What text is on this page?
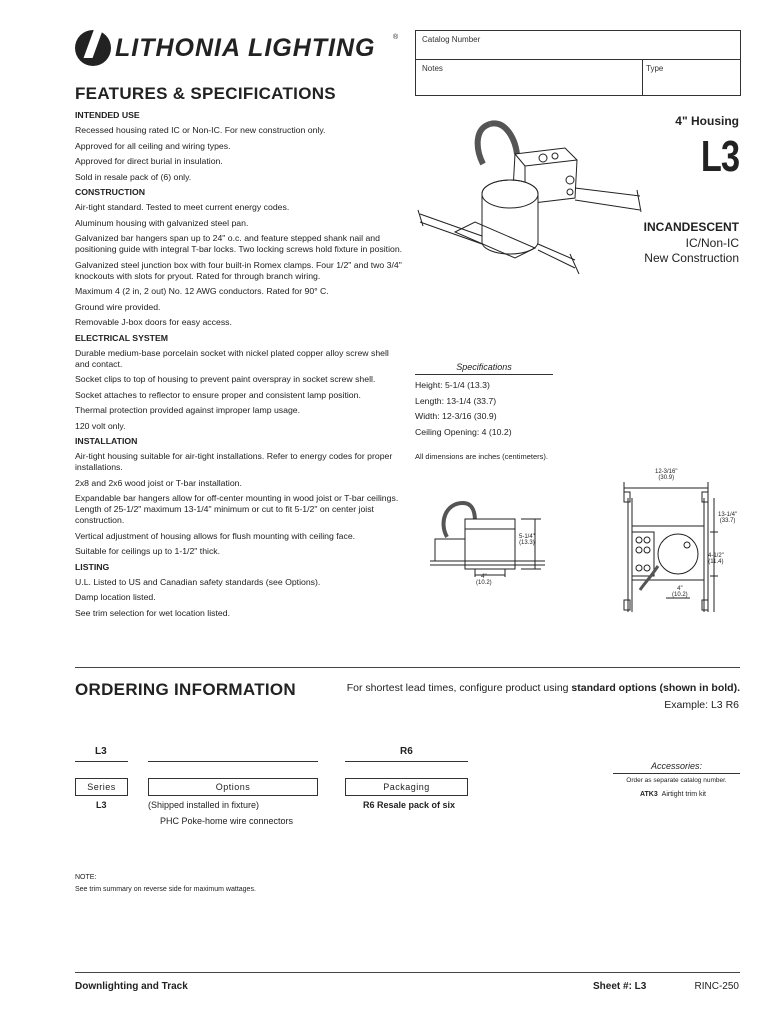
LITHONIA LIGHTING	®	Catalog Number
Notes	Type
FEATURES & SPECIFICATIONS
INTENDED USE

Recessed housing rated IC or Non-IC. For new construction only.

Approved for all ceiling and wiring types.

Approved for direct burial in insulation.

Sold in resale pack of (6) only.

CONSTRUCTION

Air-tight standard. Tested to meet current energy codes.

Aluminum housing with galvanized steel pan.

Galvanized bar hangers span up to 24" o.c. and feature stepped shank nail and positioning guide with integral T-bar locks. Two locking screws hold fixture in position.

Galvanized steel junction box with four built-in Romex clamps. Four 1/2" and two 3/4" knockouts with slots for pryout. Rated for through branch wiring.

Maximum 4 (2 in, 2 out) No. 12 AWG conductors. Rated for 90° C.

Ground wire provided.

Removable J-box doors for easy access.

ELECTRICAL SYSTEM

Durable medium-base porcelain socket with nickel plated copper alloy screw shell and contact.

Socket clips to top of housing to prevent paint overspray in socket screw shell.

Socket attaches to reflector to ensure proper and consistent lamp position.

Thermal protection provided against improper lamp usage.

120 volt only.

INSTALLATION

Air-tight housing suitable for air-tight installations. Refer to energy codes for proper installations.

2x8 and 2x6 wood joist or T-bar installation.

Expandable bar hangers allow for off-center mounting in wood joist or T-bar ceilings. Length of 25-1/2" maximum 13-1/4" minimum or cut to fit 5-1/2" on center joist construction.

Vertical adjustment of housing allows for flush mounting with ceiling face.

Suitable for ceilings up to 1-1/2" thick.

LISTING

U.L. Listed to US and Canadian safety standards (see Options).

Damp location listed.

See trim selection for wet location listed.

4" Housing
L3
INCANDESCENT
IC/Non-IC
New Construction
Specifications
Height: 5-1/4 (13.3)
Length: 13-1/4 (33.7)
Width: 12-3/16 (30.9)
Ceiling Opening: 4 (10.2)
All dimensions are inches (centimeters).
5-1/4"
(13.3)
4"
(10.2)
12-3/16"
(30.9)
13-1/4"
(33.7)
4-1/2"
(11.4)
4"
(10.2)
ORDERING INFORMATION	For shortest lead times, configure product using standard options (shown in bold).
Example: L3 R6
L3
Series
L3
Options
(Shipped installed in fixture)
PHC Poke-home wire connectors
R6
Packaging
R6 Resale pack of six
Accessories:
Order as separate catalog number.
ATK3 Airtight trim kit
NOTE:
See trim summary on reverse side for maximum wattages.
Downlighting and Track	Sheet #: L3	RINC-250
